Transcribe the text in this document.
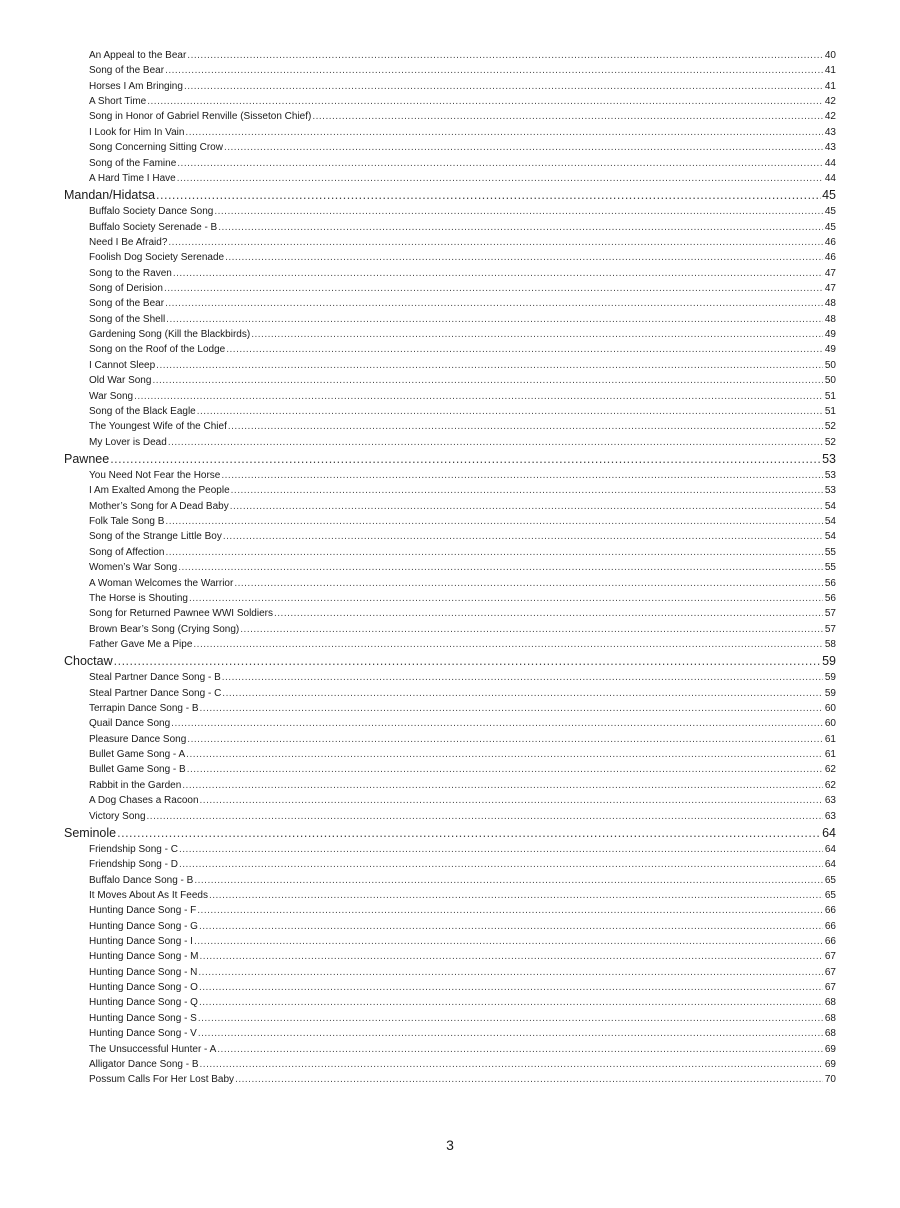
An Appeal to the Bear .....	40
Song of the Bear .....	41
Horses I Am Bringing .....	41
A Short Time .....	42
Song in Honor of Gabriel Renville (Sisseton Chief) .....	42
I Look for Him In Vain .....	43
Song Concerning Sitting Crow .....	43
Song of the Famine .....	44
A Hard Time I Have .....	44
Mandan/Hidatsa .....	45
Buffalo Society Dance Song .....	45
Buffalo Society Serenade - B .....	45
Need I Be Afraid? .....	46
Foolish Dog Society Serenade .....	46
Song to the Raven .....	47
Song of Derision .....	47
Song of the Bear .....	48
Song of the Shell .....	48
Gardening Song (Kill the Blackbirds) .....	49
Song on the Roof of the Lodge .....	49
I Cannot Sleep .....	50
Old War Song .....	50
War Song .....	51
Song of the Black Eagle .....	51
The Youngest Wife of the Chief .....	52
My Lover is Dead .....	52
Pawnee .....	53
You Need Not Fear the Horse .....	53
I Am Exalted Among the People .....	53
Mother’s Song for A Dead Baby .....	54
Folk Tale Song B .....	54
Song of the Strange Little Boy .....	54
Song of Affection .....	55
Women’s War Song .....	55
A Woman Welcomes the Warrior .....	56
The Horse is Shouting .....	56
Song for Returned Pawnee WWI Soldiers .....	57
Brown Bear’s Song (Crying Song) .....	57
Father Gave Me a Pipe .....	58
Choctaw .....	59
Steal Partner Dance Song - B .....	59
Steal Partner Dance Song - C .....	59
Terrapin Dance Song - B .....	60
Quail Dance Song .....	60
Pleasure Dance Song .....	61
Bullet Game Song - A .....	61
Bullet Game Song - B .....	62
Rabbit in the Garden .....	62
A Dog Chases a Racoon .....	63
Victory Song .....	63
Seminole .....	64
Friendship Song - C .....	64
Friendship Song - D .....	64
Buffalo Dance Song - B .....	65
It Moves About As It Feeds .....	65
Hunting Dance Song - F .....	66
Hunting Dance Song - G .....	66
Hunting Dance Song - I .....	66
Hunting Dance Song - M .....	67
Hunting Dance Song - N .....	67
Hunting Dance Song - O .....	67
Hunting Dance Song - Q .....	68
Hunting Dance Song - S .....	68
Hunting Dance Song - V .....	68
The Unsuccessful Hunter - A .....	69
Alligator Dance Song - B .....	69
Possum Calls For Her Lost Baby .....	70
3
